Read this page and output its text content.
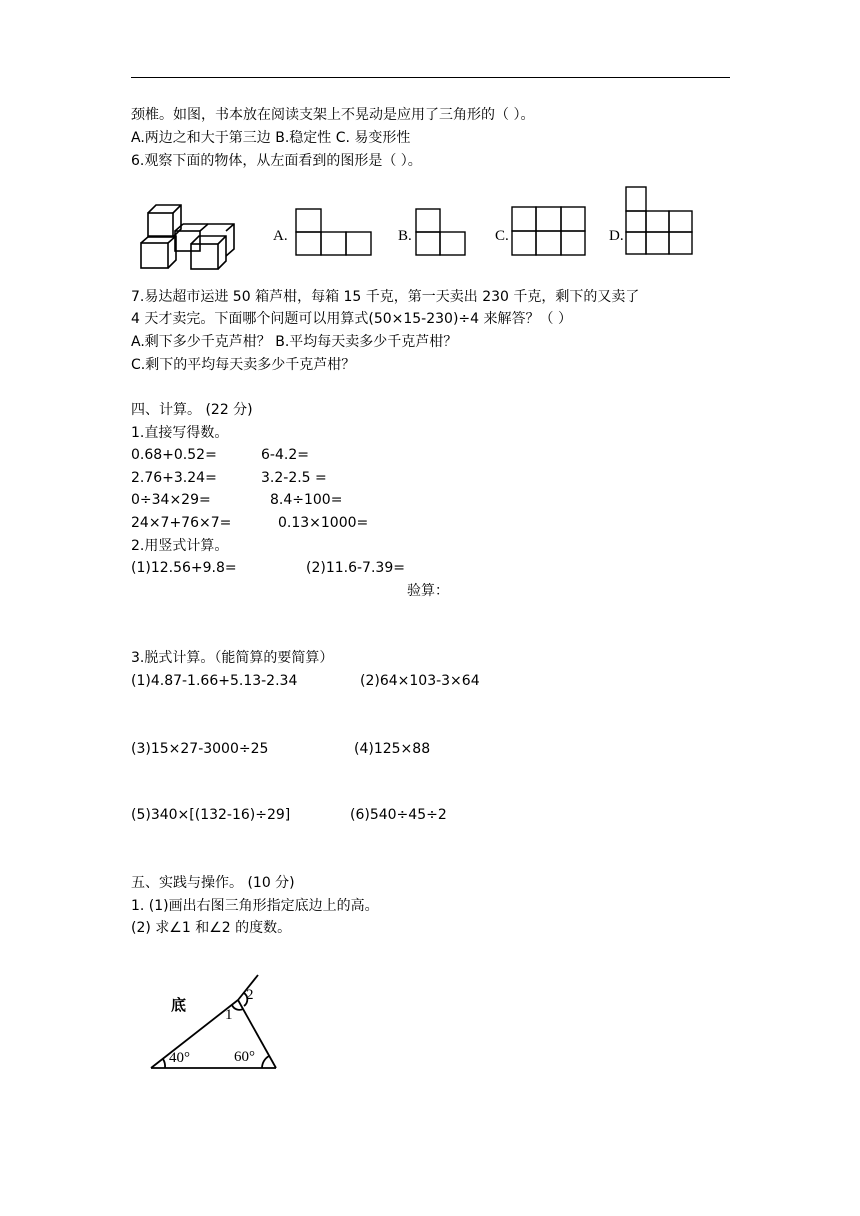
颈椎。如图，书本放在阅读支架上不晃动是应用了三角形的（ ）。
A.两边之和大于第三边 B.稳定性 C. 易变形性
6.观察下面的物体，从左面看到的图形是（ ）。
A.	B.	C.	D.
7.易达超市运进 50 箱芦柑，每箱 15 千克，第一天卖出 230 千克，剩下的又卖了
4 天才卖完。下面哪个问题可以用算式(50×15-230)÷4 来解答？（ ）
A.剩下多少千克芦柑？ B.平均每天卖多少千克芦柑？
C.剩下的平均每天卖多少千克芦柑？
四、计算。 (22 分)
1.直接写得数。
0.68+0.52=	6-4.2=
2.76+3.24=	3.2-2.5 =
0÷34×29=	8.4÷100=
24×7+76×7=	0.13×1000=
2.用竖式计算。
(1)12.56+9.8=	(2)11.6-7.39=
验算：
3.脱式计算。（能简算的要简算）
(1)4.87-1.66+5.13-2.34	(2)64×103-3×64
(3)15×27-3000÷25	(4)125×88
(5)340×[(132-16)÷29]	(6)540÷45÷2
五、实践与操作。 (10 分)
1. (1)画出右图三角形指定底边上的高。
(2) 求∠1 和∠2 的度数。
底
40°	60°
1
2
